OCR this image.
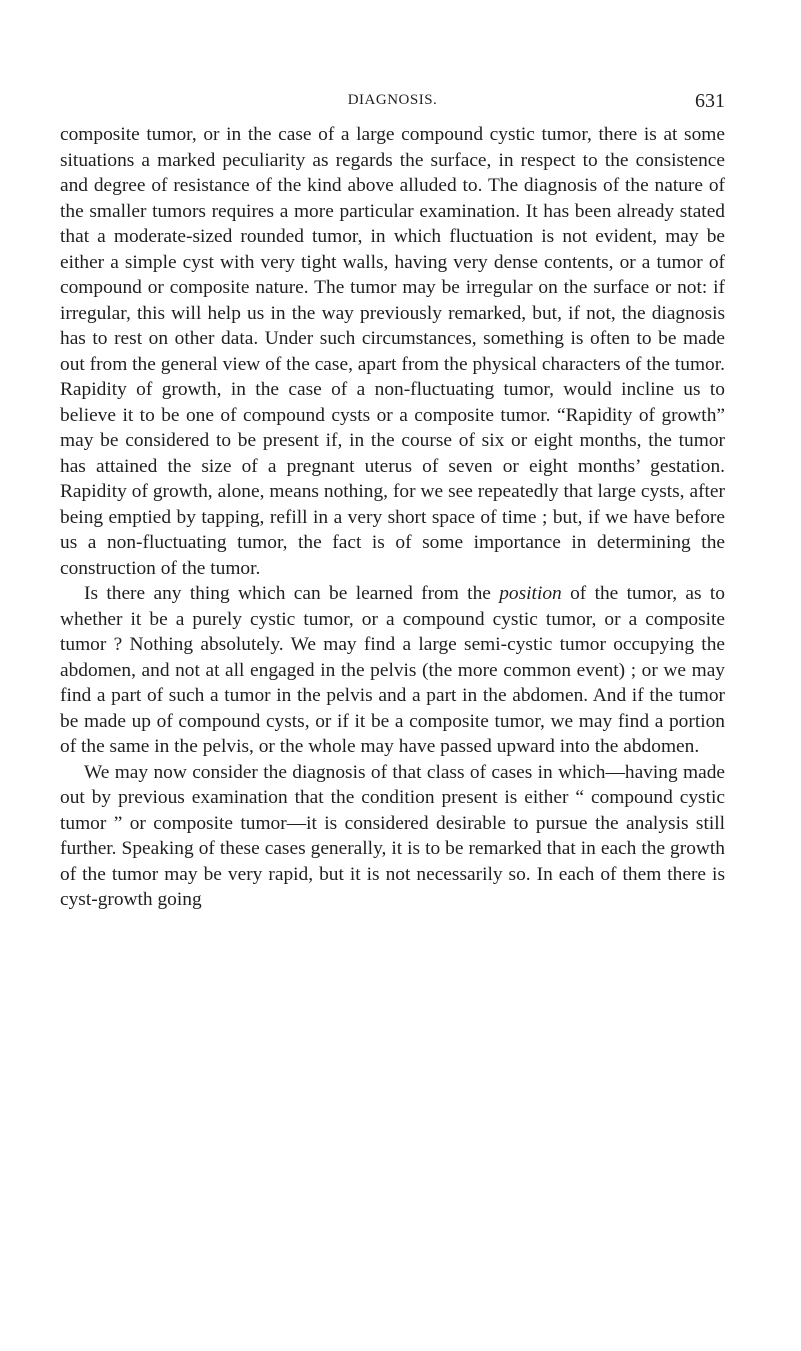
DIAGNOSIS.	631

composite tumor, or in the case of a large compound cystic tumor, there is at some situations a marked peculiarity as regards the surface, in respect to the consistence and degree of resistance of the kind above alluded to. The diagnosis of the nature of the smaller tumors requires a more particular examination. It has been already stated that a moderate-sized rounded tumor, in which fluctuation is not evident, may be either a simple cyst with very tight walls, having very dense contents, or a tumor of compound or composite nature. The tumor may be irregular on the surface or not: if irregular, this will help us in the way previously remarked, but, if not, the diagnosis has to rest on other data. Under such circumstances, something is often to be made out from the general view of the case, apart from the physical characters of the tumor. Rapidity of growth, in the case of a non-fluctuating tumor, would incline us to believe it to be one of compound cysts or a composite tumor. “Rapidity of growth” may be considered to be present if, in the course of six or eight months, the tumor has attained the size of a pregnant uterus of seven or eight months’ gestation. Rapidity of growth, alone, means nothing, for we see repeatedly that large cysts, after being emptied by tapping, refill in a very short space of time ; but, if we have before us a non-fluctuating tumor, the fact is of some importance in determining the construction of the tumor.

Is there any thing which can be learned from the position of the tumor, as to whether it be a purely cystic tumor, or a compound cystic tumor, or a composite tumor ? Nothing absolutely. We may find a large semi-cystic tumor occupying the abdomen, and not at all engaged in the pelvis (the more common event) ; or we may find a part of such a tumor in the pelvis and a part in the abdomen. And if the tumor be made up of compound cysts, or if it be a composite tumor, we may find a portion of the same in the pelvis, or the whole may have passed upward into the abdomen.

We may now consider the diagnosis of that class of cases in which—having made out by previous examination that the condition present is either “ compound cystic tumor ” or composite tumor—it is considered desirable to pursue the analysis still further. Speaking of these cases generally, it is to be remarked that in each the growth of the tumor may be very rapid, but it is not necessarily so. In each of them there is cyst-growth going
